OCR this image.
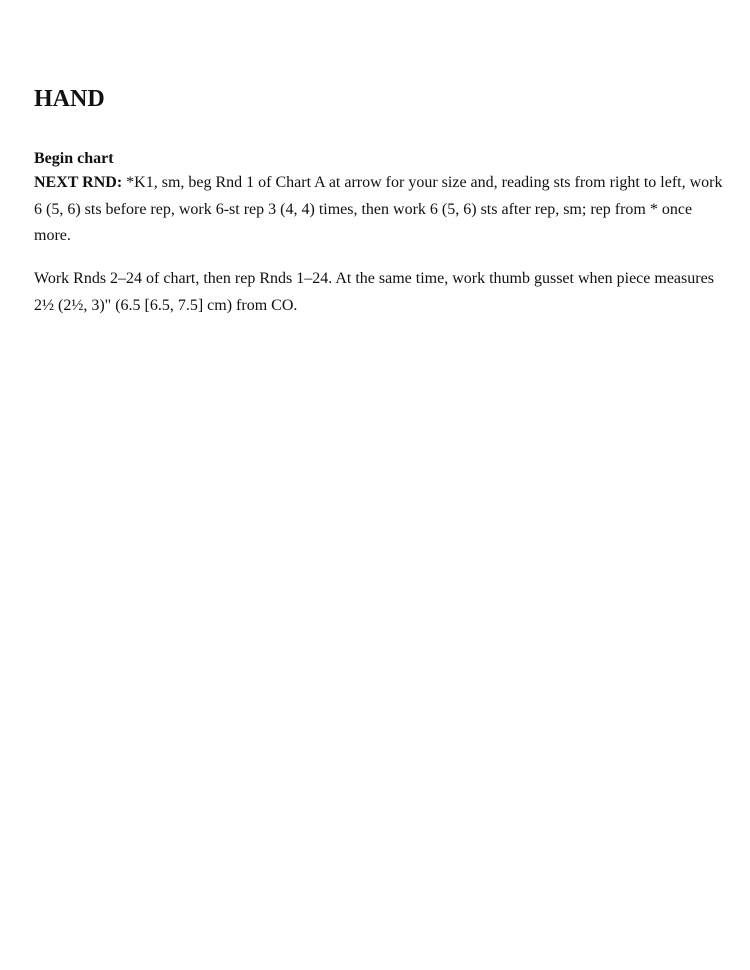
HAND
Begin chart

NEXT RND: *K1, sm, beg Rnd 1 of Chart A at arrow for your size and, reading sts from right to left, work 6 (5, 6) sts before rep, work 6-st rep 3 (4, 4) times, then work 6 (5, 6) sts after rep, sm; rep from * once more.

Work Rnds 2–24 of chart, then rep Rnds 1–24. At the same time, work thumb gusset when piece measures 2½ (2½, 3)" (6.5 [6.5, 7.5] cm) from CO.
